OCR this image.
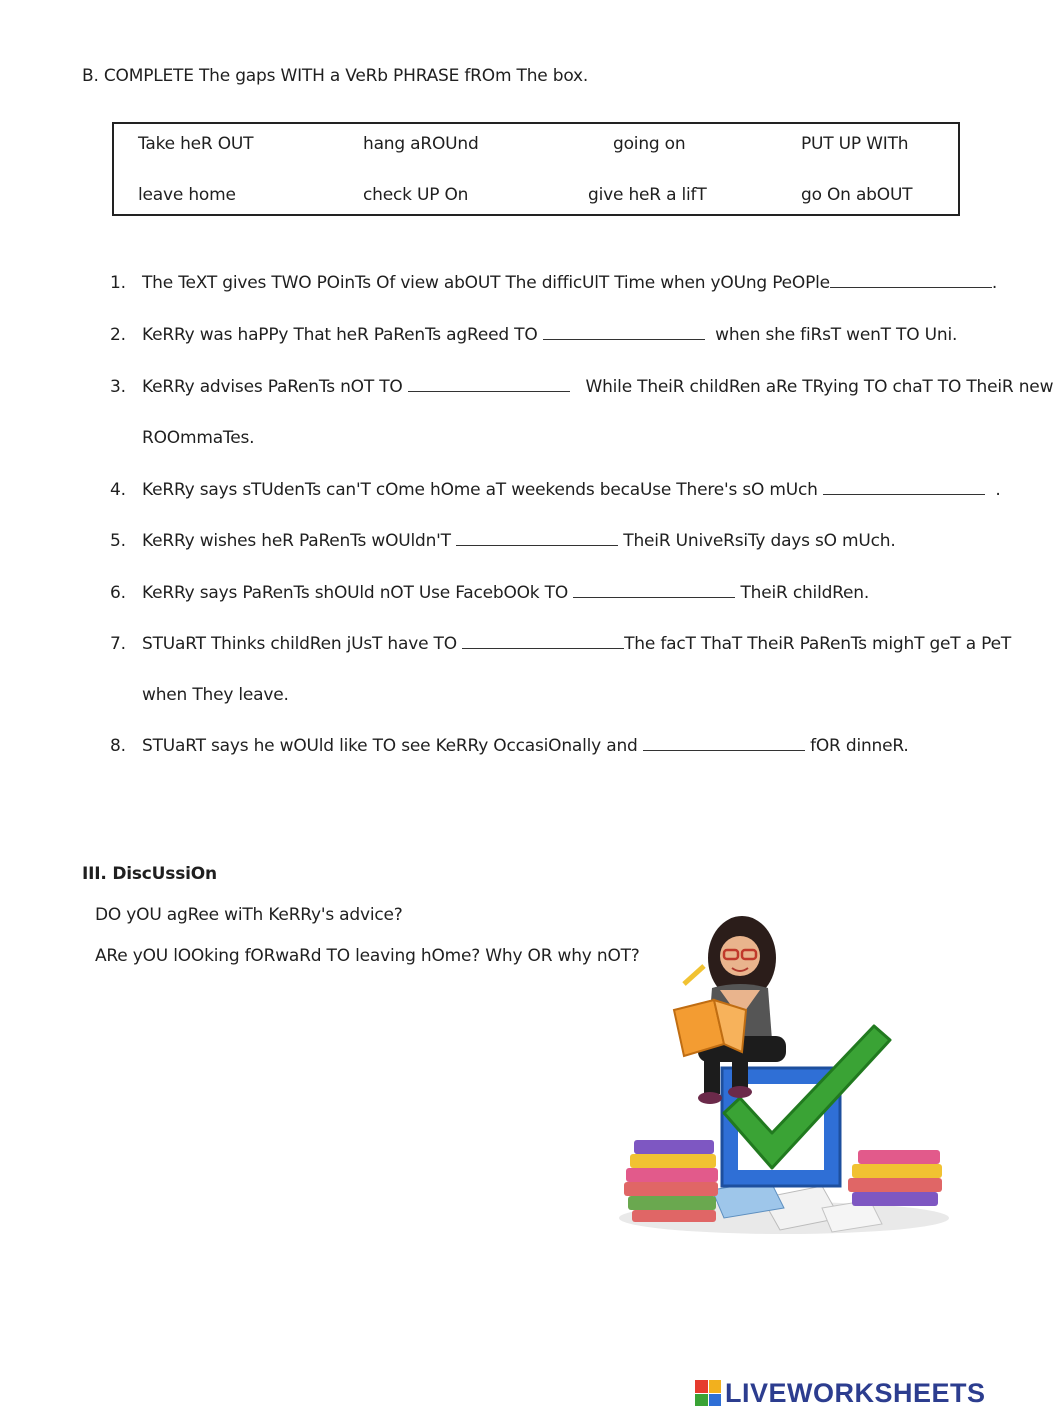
B. COMPLETE The gaps WITH a VeRb PHRASE fROm The box.
Take heR OUT	hang aROUnd	going on	PUT UP WITh
leave home	check UP On	give heR a lifT	go On abOUT
1. The TeXT gives TWO POinTs Of view abOUT The difficUlT Time when yOUng PeOPle	.
2. KeRRy was haPPy That heR PaRenTs agReed TO	when she fiRsT wenT TO Uni.
3. KeRRy advises PaRenTs nOT TO	While TheiR childRen aRe TRying TO chaT TO TheiR new
ROOmmaTes.
4. KeRRy says sTUdenTs can'T cOme hOme aT weekends becaUse There's sO mUch	.
5. KeRRy wishes heR PaRenTs wOUldn'T	TheiR UniveRsiTy days sO mUch.
6. KeRRy says PaRenTs shOUld nOT Use FacebOOk TO	TheiR childRen.
7. STUaRT Thinks childRen jUsT have TO	The facT ThaT TheiR PaRenTs mighT geT a PeT
when They leave.
8. STUaRT says he wOUld like TO see KeRRy OccasiOnally and	fOR dinneR.
III. DiscUssiOn
DO yOU agRee wiTh KeRRy's advice?
ARe yOU lOOking fORwaRd TO leaving hOme? Why OR why nOT?
LIVEWORKSHEETS
